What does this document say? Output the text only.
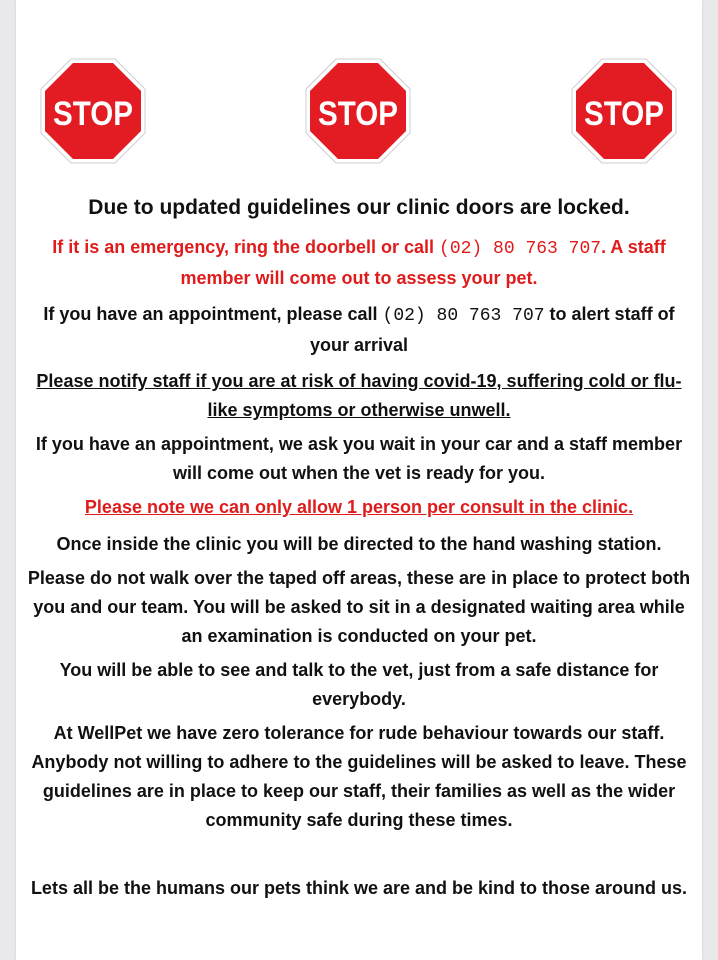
STOP	STOP	STOP

Due to updated guidelines our clinic doors are locked.

If it is an emergency, ring the doorbell or call (02) 80 763 707. A staff member will come out to assess your pet.

If you have an appointment, please call (02) 80 763 707 to alert staff of your arrival

Please notify staff if you are at risk of having covid-19, suffering cold or flu-like symptoms or otherwise unwell.

If you have an appointment, we ask you wait in your car and a staff member will come out when the vet is ready for you.

Please note we can only allow 1 person per consult in the clinic.

Once inside the clinic you will be directed to the hand washing station.

Please do not walk over the taped off areas, these are in place to protect both you and our team. You will be asked to sit in a designated waiting area while an examination is conducted on your pet.

You will be able to see and talk to the vet, just from a safe distance for everybody.

At WellPet we have zero tolerance for rude behaviour towards our staff. Anybody not willing to adhere to the guidelines will be asked to leave. These guidelines are in place to keep our staff, their families as well as the wider community safe during these times.

Lets all be the humans our pets think we are and be kind to those around us.
